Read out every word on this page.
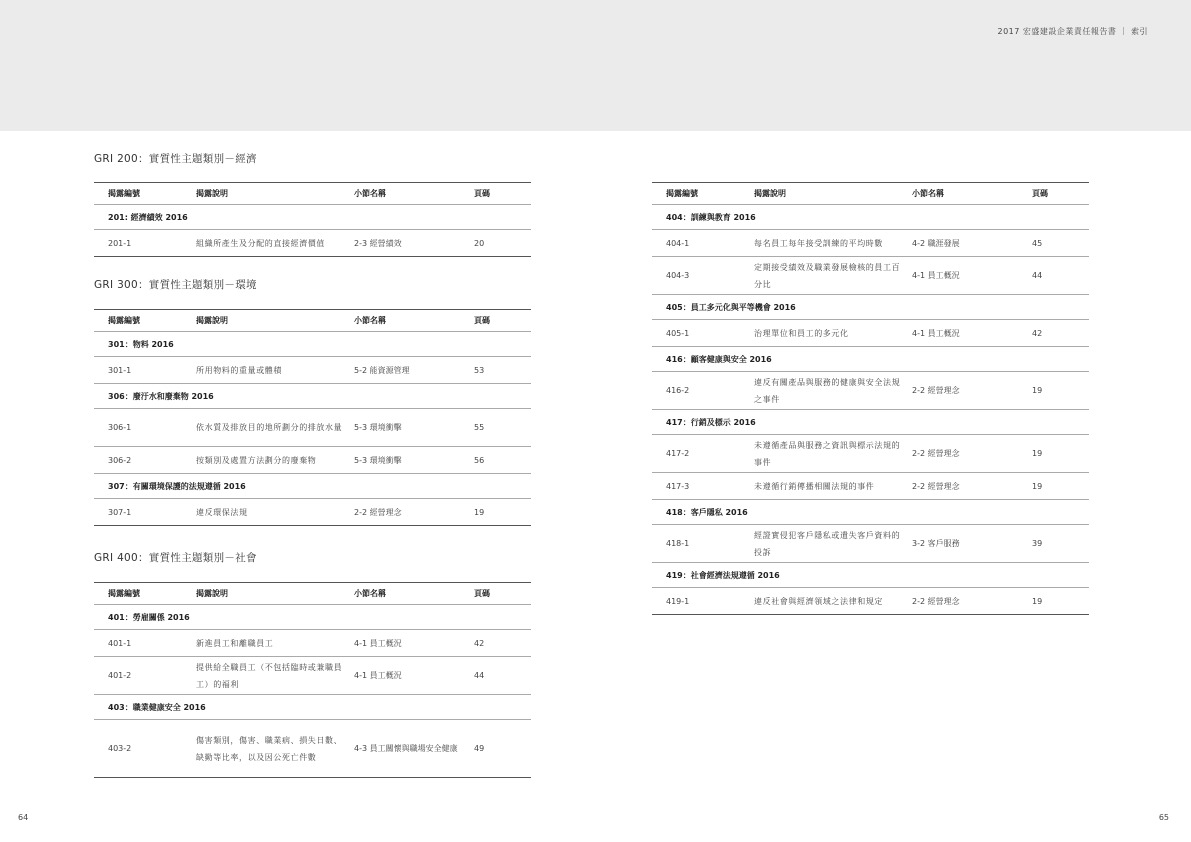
2017 宏盛建設企業責任報告書 ｜ 索引
GRI 200：實質性主題類別－經濟
揭露編號	揭露說明	小節名稱	頁碼
201: 經濟績效 2016			
201-1	組織所產生及分配的直接經濟價值	2-3 經營績效	20
GRI 300：實質性主題類別－環境
揭露編號	揭露說明	小節名稱	頁碼
301：物料 2016			
301-1	所用物料的重量或體積	5-2 能資源管理	53
306：廢汙水和廢棄物 2016			
306-1	依水質及排放目的地所劃分的排放水量	5-3 環境衝擊	55
306-2	按類別及處置方法劃分的廢棄物	5-3 環境衝擊	56
307：有關環境保護的法規遵循 2016			
307-1	違反環保法規	2-2 經營理念	19
GRI 400：實質性主題類別－社會
揭露編號	揭露說明	小節名稱	頁碼
401：勞雇關係 2016			
401-1	新進員工和離職員工	4-1 員工概況	42
401-2	提供給全職員工（不包括臨時或兼職員工）的福利	4-1 員工概況	44
403：職業健康安全 2016			
403-2	傷害類別，傷害、職業病、損失日數、缺勤等比率，以及因公死亡件數	4-3 員工關懷與職場安全健康	49
揭露編號	揭露說明	小節名稱	頁碼
404：訓練與教育 2016			
404-1	每名員工每年接受訓練的平均時數	4-2 職涯發展	45
404-3	定期接受績效及職業發展檢核的員工百分比	4-1 員工概況	44
405：員工多元化與平等機會 2016			
405-1	治理單位和員工的多元化	4-1 員工概況	42
416：顧客健康與安全 2016			
416-2	違反有關產品與服務的健康與安全法規之事件	2-2 經營理念	19
417：行銷及標示 2016			
417-2	未遵循產品與服務之資訊與標示法規的事件	2-2 經營理念	19
417-3	未遵循行銷傳播相關法規的事件	2-2 經營理念	19
418：客戶隱私 2016			
418-1	經證實侵犯客戶隱私或遺失客戶資料的投訴	3-2 客戶服務	39
419：社會經濟法規遵循 2016			
419-1	違反社會與經濟領域之法律和規定	2-2 經營理念	19
64	65
